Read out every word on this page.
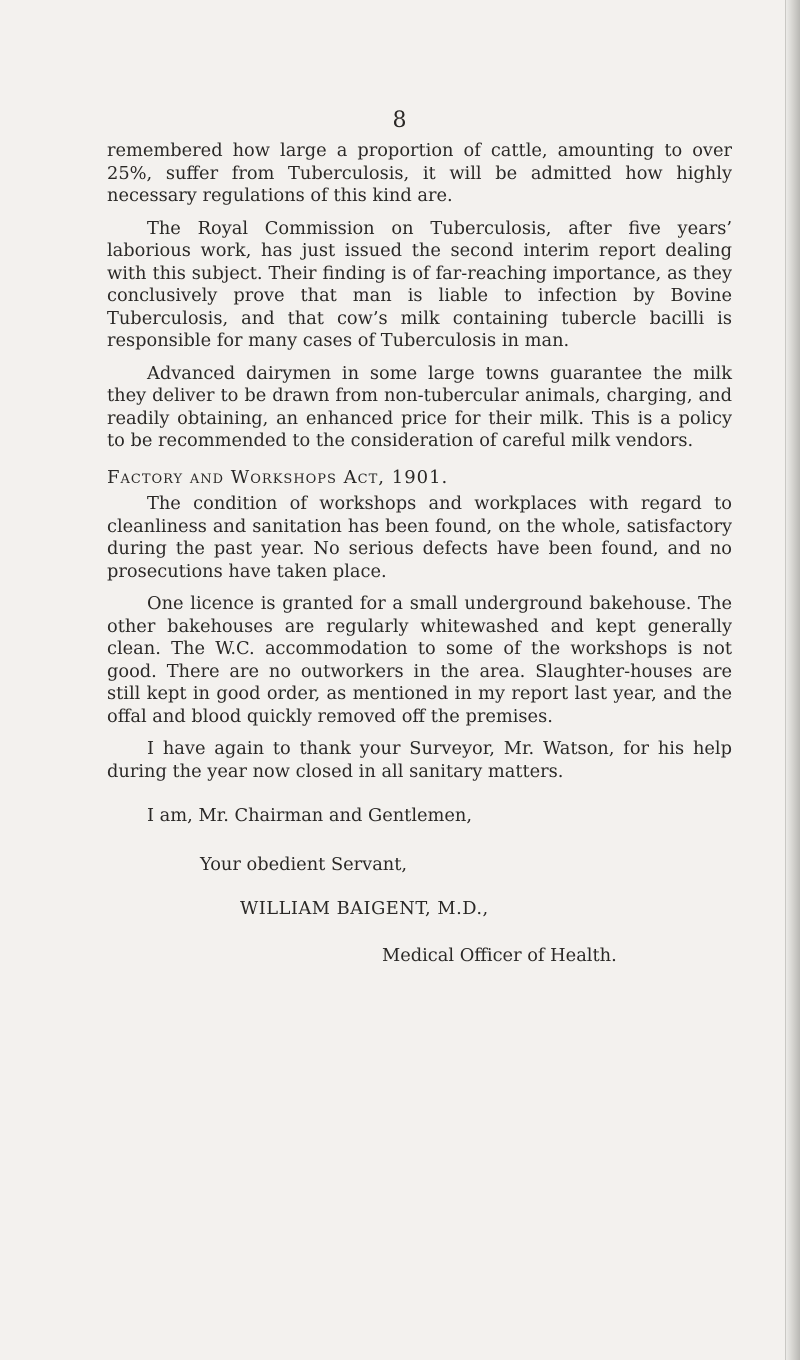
8

remembered how large a proportion of cattle, amounting to over 25%, suffer from Tuberculosis, it will be admitted how highly necessary regulations of this kind are.

The Royal Commission on Tuberculosis, after five years’ laborious work, has just issued the second interim report dealing with this subject. Their finding is of far-reaching importance, as they conclusively prove that man is liable to infection by Bovine Tuberculosis, and that cow’s milk containing tubercle bacilli is responsible for many cases of Tuberculosis in man.

Advanced dairymen in some large towns guarantee the milk they deliver to be drawn from non-tubercular animals, charging, and readily obtaining, an enhanced price for their milk. This is a policy to be recommended to the consideration of careful milk vendors.

Factory and Workshops Act, 1901.

The condition of workshops and workplaces with regard to cleanliness and sanitation has been found, on the whole, satisfactory during the past year. No serious defects have been found, and no prosecutions have taken place.

One licence is granted for a small underground bakehouse. The other bakehouses are regularly whitewashed and kept generally clean. The W.C. accommodation to some of the workshops is not good. There are no outworkers in the area. Slaughter-houses are still kept in good order, as mentioned in my report last year, and the offal and blood quickly removed off the premises.

I have again to thank your Surveyor, Mr. Watson, for his help during the year now closed in all sanitary matters.

I am, Mr. Chairman and Gentlemen,
Your obedient Servant,
WILLIAM BAIGENT, M.D.,
Medical Officer of Health.
